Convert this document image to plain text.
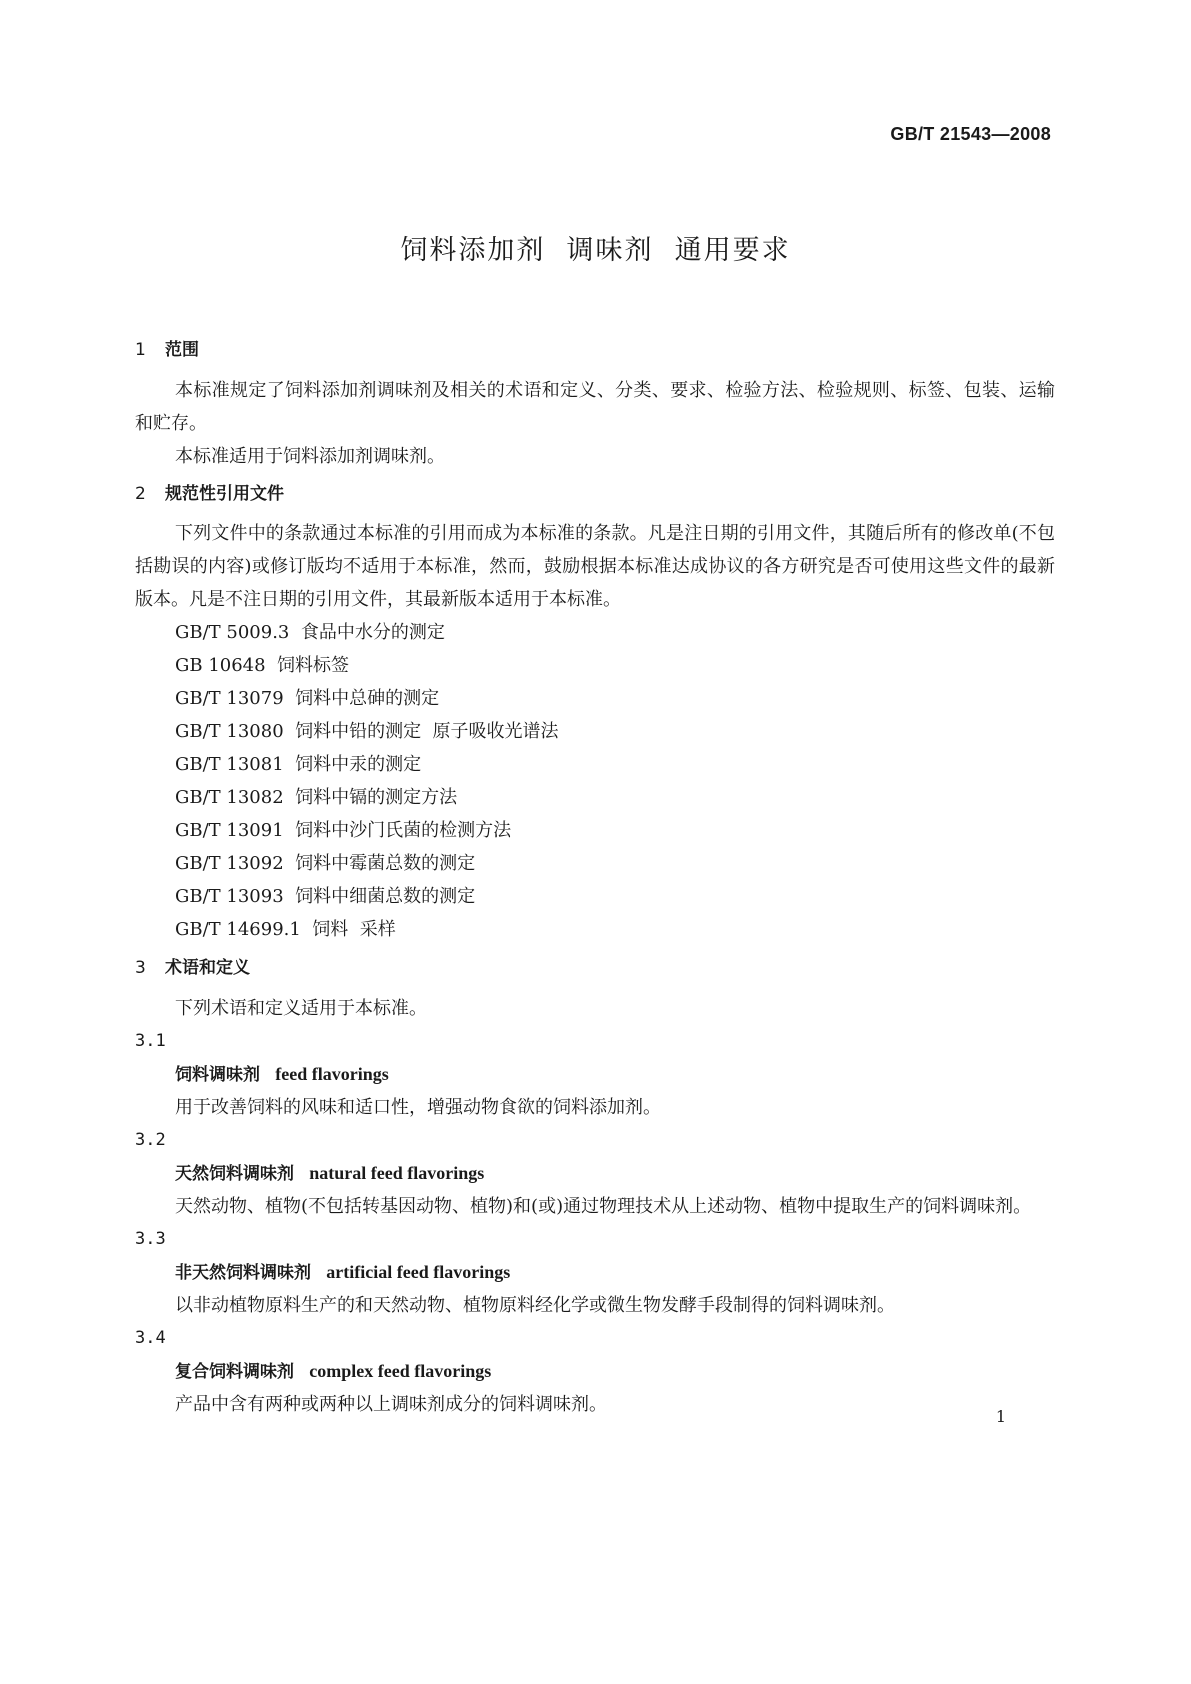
GB/T 21543—2008
饲料添加剂  调味剂  通用要求
1 范围
本标准规定了饲料添加剂调味剂及相关的术语和定义、分类、要求、检验方法、检验规则、标签、包装、运输和贮存。
本标准适用于饲料添加剂调味剂。
2 规范性引用文件
下列文件中的条款通过本标准的引用而成为本标准的条款。凡是注日期的引用文件，其随后所有的修改单(不包括勘误的内容)或修订版均不适用于本标准，然而，鼓励根据本标准达成协议的各方研究是否可使用这些文件的最新版本。凡是不注日期的引用文件，其最新版本适用于本标准。
GB/T 5009.3  食品中水分的测定
GB 10648  饲料标签
GB/T 13079  饲料中总砷的测定
GB/T 13080  饲料中铅的测定  原子吸收光谱法
GB/T 13081  饲料中汞的测定
GB/T 13082  饲料中镉的测定方法
GB/T 13091  饲料中沙门氏菌的检测方法
GB/T 13092  饲料中霉菌总数的测定
GB/T 13093  饲料中细菌总数的测定
GB/T 14699.1  饲料  采样
3 术语和定义
下列术语和定义适用于本标准。
3.1
饲料调味剂 feed flavorings
用于改善饲料的风味和适口性，增强动物食欲的饲料添加剂。
3.2
天然饲料调味剂 natural feed flavorings
天然动物、植物(不包括转基因动物、植物)和(或)通过物理技术从上述动物、植物中提取生产的饲料调味剂。
3.3
非天然饲料调味剂 artificial feed flavorings
以非动植物原料生产的和天然动物、植物原料经化学或微生物发酵手段制得的饲料调味剂。
3.4
复合饲料调味剂 complex feed flavorings
产品中含有两种或两种以上调味剂成分的饲料调味剂。
1
